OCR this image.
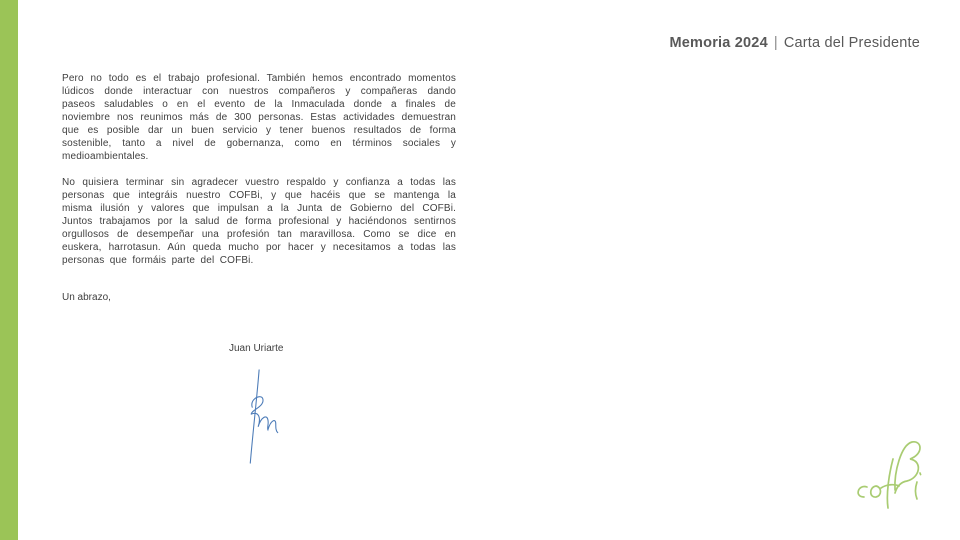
Memoria 2024 | Carta del Presidente

Pero no todo es el trabajo profesional. También hemos encontrado momentos lúdicos donde interactuar con nuestros compañeros y compañeras dando paseos saludables o en el evento de la Inmaculada donde a finales de noviembre nos reunimos más de 300 personas. Estas actividades demuestran que es posible dar un buen servicio y tener buenos resultados de forma sostenible, tanto a nivel de gobernanza, como en términos sociales y medioambientales.

No quisiera terminar sin agradecer vuestro respaldo y confianza a todas las personas que integráis nuestro COFBi, y que hacéis que se mantenga la misma ilusión y valores que impulsan a la Junta de Gobierno del COFBi. Juntos trabajamos por la salud de forma profesional y haciéndonos sentirnos orgullosos de desempeñar una profesión tan maravillosa. Como se dice en euskera, harrotasun. Aún queda mucho por hacer y necesitamos a todas las personas que formáis parte del COFBi.

Un abrazo,
Juan Uriarte
